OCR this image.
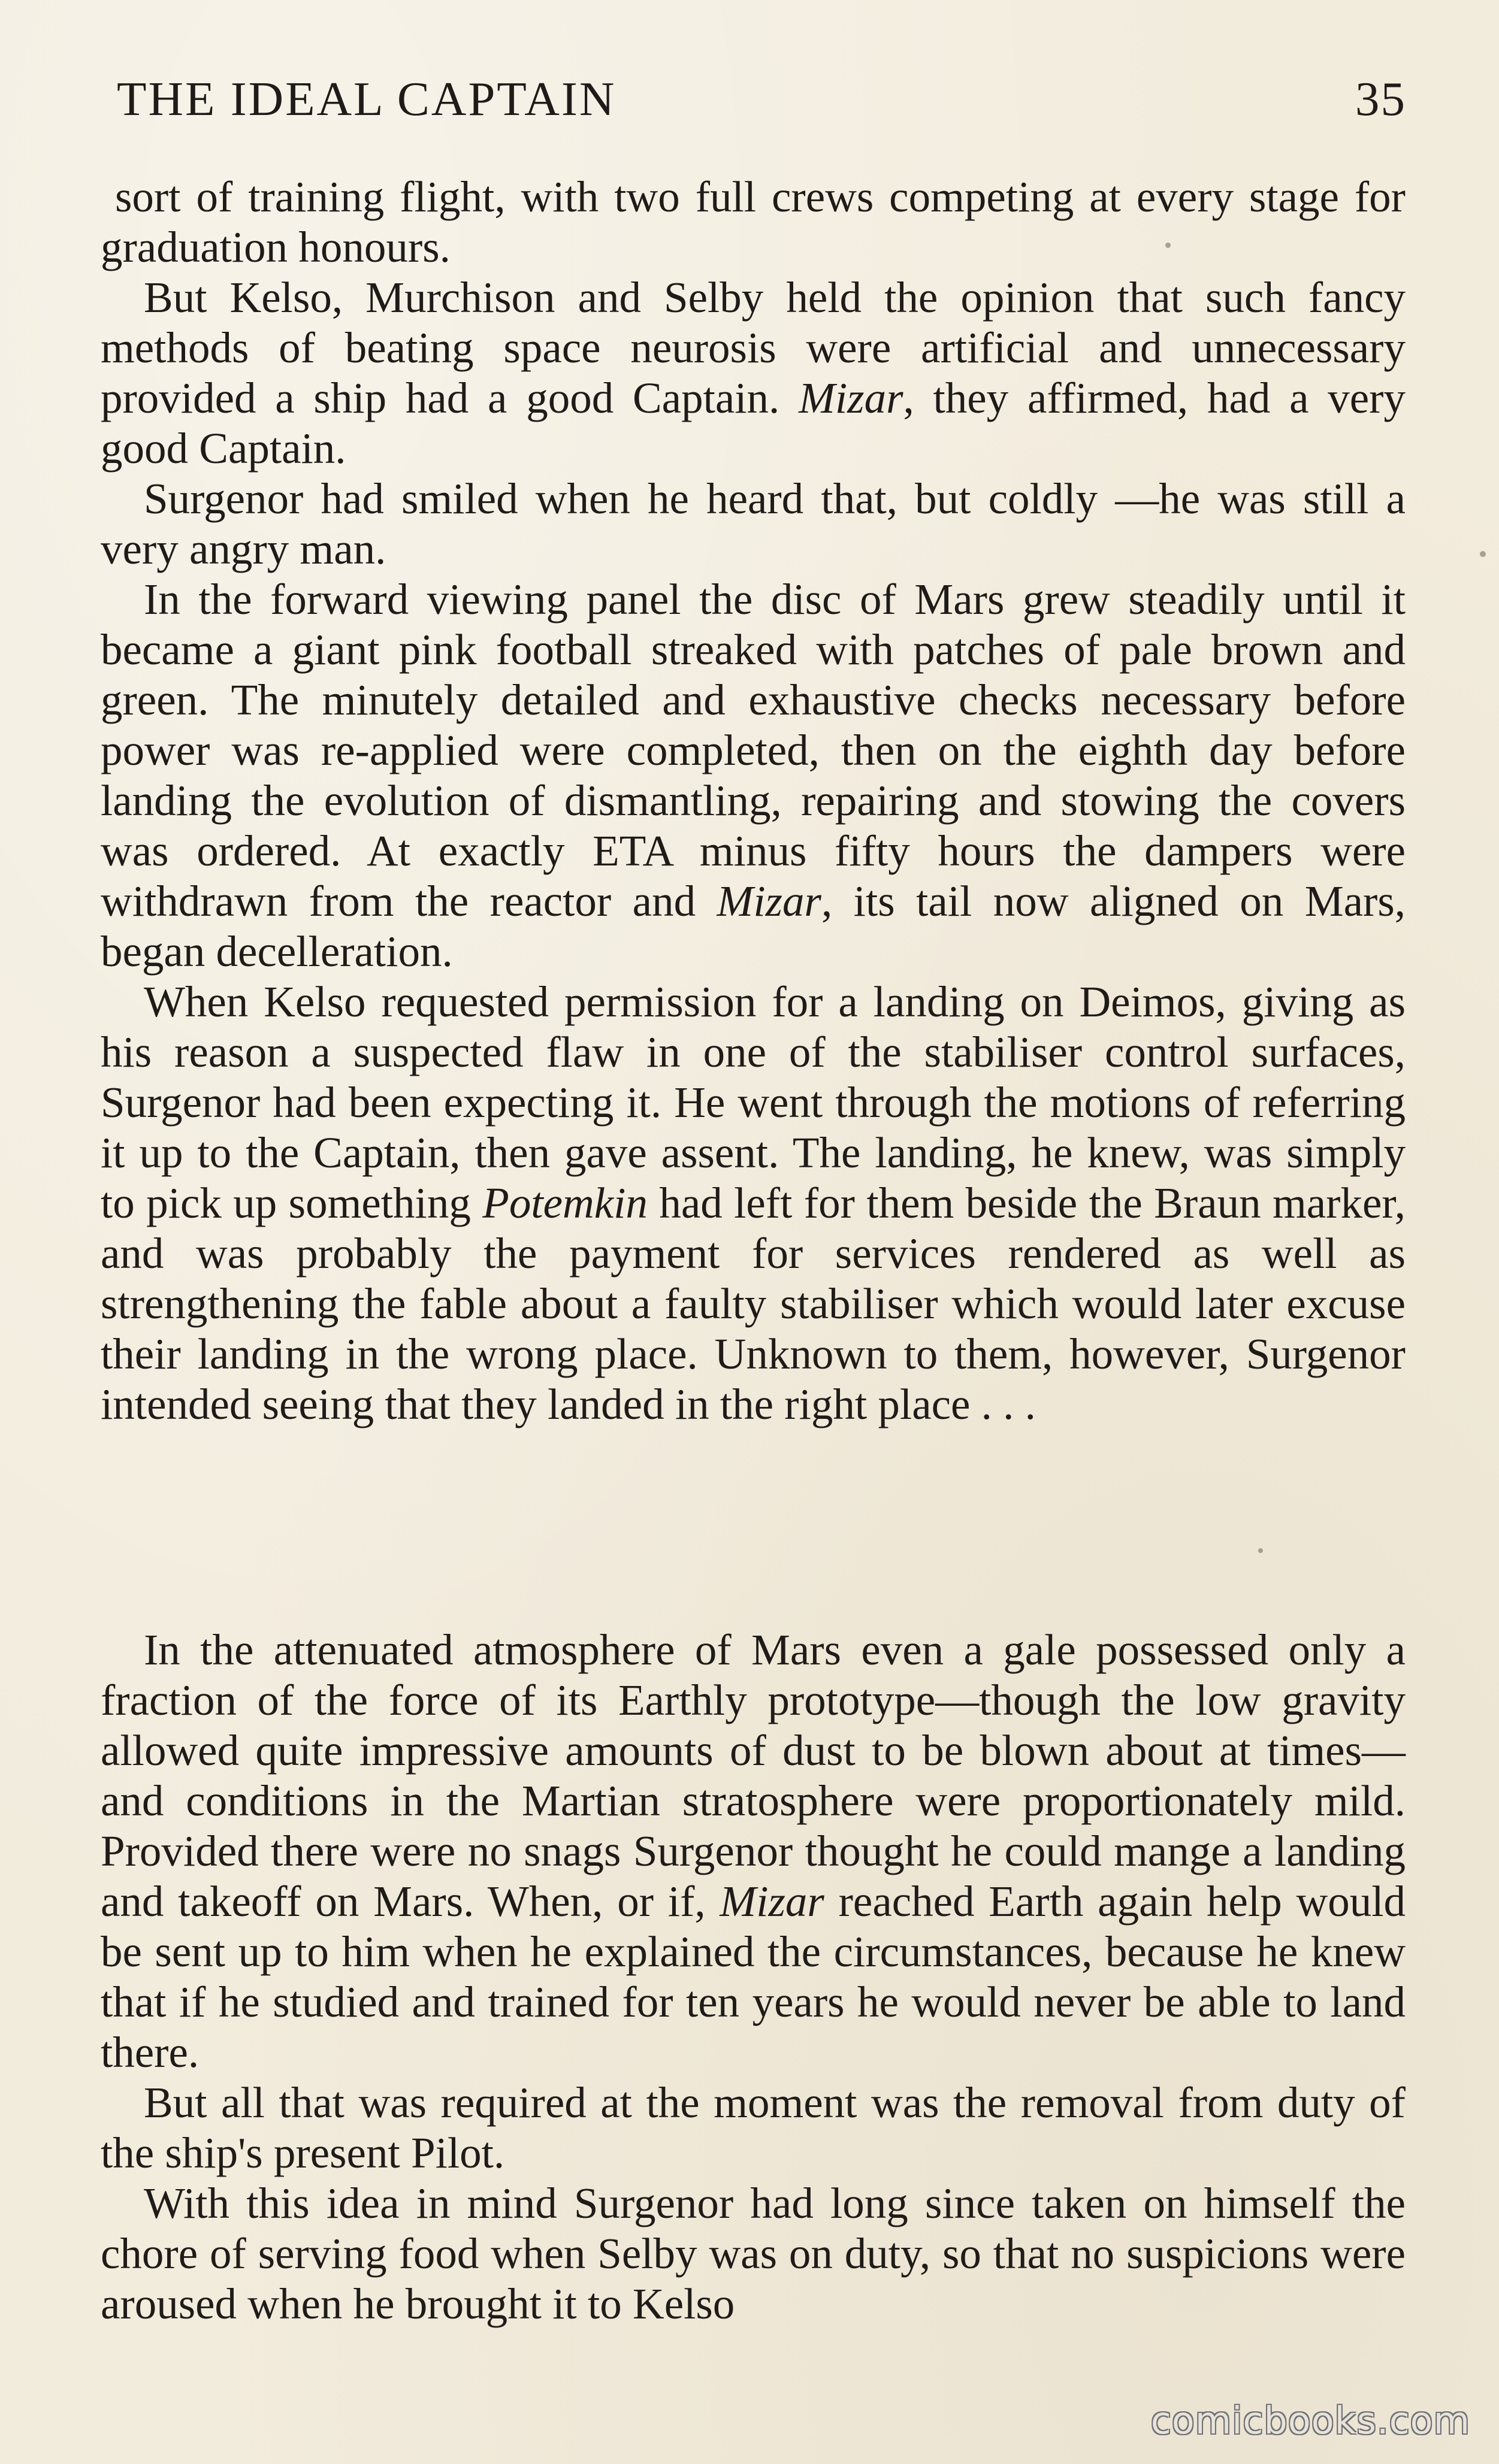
THE IDEAL CAPTAIN	35

sort of training flight, with two full crews competing at every stage for graduation honours.

But Kelso, Murchison and Selby held the opinion that such fancy methods of beating space neurosis were artificial and unnecessary provided a ship had a good Captain. Mizar, they affirmed, had a very good Captain.

Surgenor had smiled when he heard that, but coldly —he was still a very angry man.

In the forward viewing panel the disc of Mars grew steadily until it became a giant pink football streaked with patches of pale brown and green. The minutely detailed and exhaustive checks necessary before power was re-applied were completed, then on the eighth day before landing the evolution of dismantling, repairing and stowing the covers was ordered. At exactly ETA minus fifty hours the dampers were withdrawn from the reactor and Mizar, its tail now aligned on Mars, began decelleration.

When Kelso requested permission for a landing on Deimos, giving as his reason a suspected flaw in one of the stabiliser control surfaces, Surgenor had been expecting it. He went through the motions of referring it up to the Captain, then gave assent. The landing, he knew, was simply to pick up something Potemkin had left for them beside the Braun marker, and was probably the payment for services rendered as well as strengthening the fable about a faulty stabiliser which would later excuse their landing in the wrong place. Unknown to them, however, Surgenor intended seeing that they landed in the right place . . .

In the attenuated atmosphere of Mars even a gale possessed only a fraction of the force of its Earthly prototype—though the low gravity allowed quite impressive amounts of dust to be blown about at times—and conditions in the Martian stratosphere were proportionately mild. Provided there were no snags Surgenor thought he could mange a landing and takeoff on Mars. When, or if, Mizar reached Earth again help would be sent up to him when he explained the circumstances, because he knew that if he studied and trained for ten years he would never be able to land there.

But all that was required at the moment was the removal from duty of the ship's present Pilot.

With this idea in mind Surgenor had long since taken on himself the chore of serving food when Selby was on duty, so that no suspicions were aroused when he brought it to Kelso

comicbooks.com
